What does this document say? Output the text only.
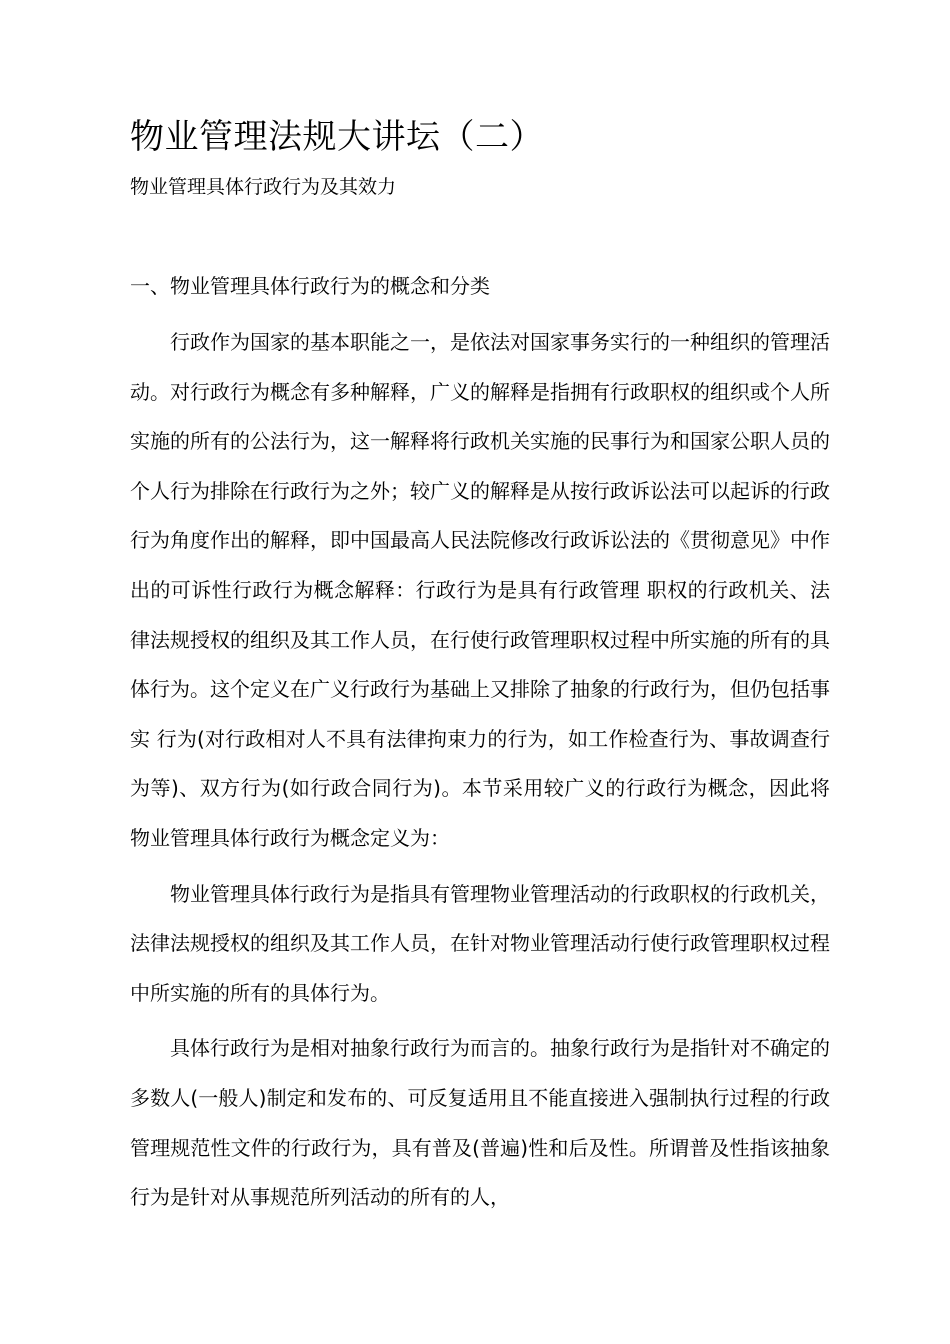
物业管理法规大讲坛（二）
物业管理具体行政行为及其效力
一、物业管理具体行政行为的概念和分类

行政作为国家的基本职能之一，是依法对国家事务实行的一种组织的管理活动。对行政行为概念有多种解释，广义的解释是指拥有行政职权的组织或个人所实施的所有的公法行为，这一解释将行政机关实施的民事行为和国家公职人员的个人行为排除在行政行为之外；较广义的解释是从按行政诉讼法可以起诉的行政行为角度作出的解释，即中国最高人民法院修改行政诉讼法的《贯彻意见》中作出的可诉性行政行为概念解释：行政行为是具有行政管理 职权的行政机关、法律法规授权的组织及其工作人员，在行使行政管理职权过程中所实施的所有的具体行为。这个定义在广义行政行为基础上又排除了抽象的行政行为，但仍包括事实 行为(对行政相对人不具有法律拘束力的行为，如工作检查行为、事故调查行为等)、双方行为(如行政合同行为)。本节采用较广义的行政行为概念，因此将物业管理具体行政行为概念定义为：

物业管理具体行政行为是指具有管理物业管理活动的行政职权的行政机关，法律法规授权的组织及其工作人员，在针对物业管理活动行使行政管理职权过程中所实施的所有的具体行为。

具体行政行为是相对抽象行政行为而言的。抽象行政行为是指针对不确定的多数人(一般人)制定和发布的、可反复适用且不能直接进入强制执行过程的行政管理规范性文件的行政行为，具有普及(普遍)性和后及性。所谓普及性指该抽象行为是针对从事规范所列活动的所有的人，
